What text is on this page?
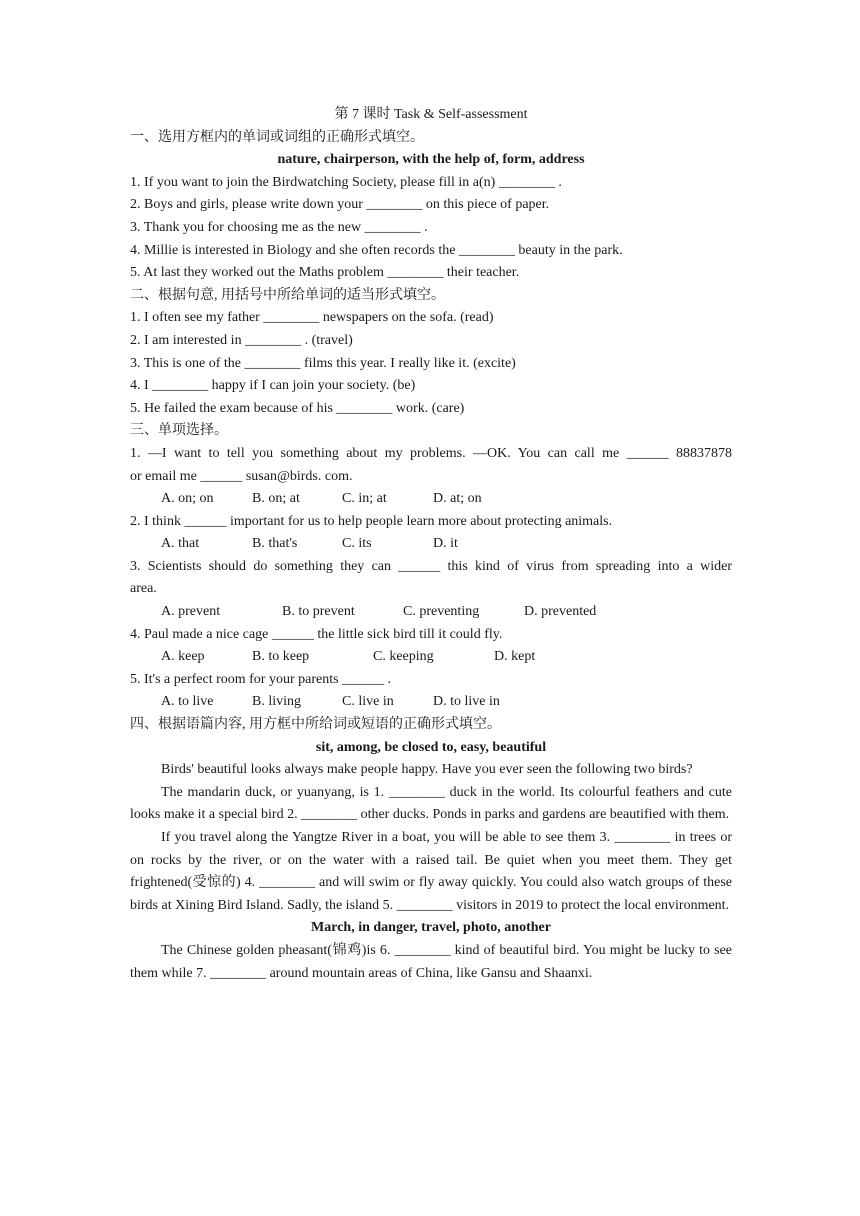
第 7 课时 Task & Self-assessment
一、选用方框内的单词或词组的正确形式填空。
nature, chairperson, with the help of, form, address
1. If you want to join the Birdwatching Society, please fill in a(n) ________ .
2. Boys and girls, please write down your ________ on this piece of paper.
3. Thank you for choosing me as the new ________ .
4. Millie is interested in Biology and she often records the ________ beauty in the park.
5. At last they worked out the Maths problem ________ their teacher.
二、根据句意, 用括号中所给单词的适当形式填空。
1. I often see my father ________ newspapers on the sofa. (read)
2. I am interested in ________ . (travel)
3. This is one of the ________ films this year. I really like it. (excite)
4. I ________ happy if I can join your society. (be)
5. He failed the exam because of his ________ work. (care)
三、单项选择。
1. —I want to tell you something about my problems. —OK. You can call me ______ 88837878
or email me ______ susan@birds. com.
A. on; on	B. on; at	C. in; at	D. at; on
2. I think ______ important for us to help people learn more about protecting animals.
A. that	B. that's	C. its	D. it
3. Scientists should do something they can ______ this kind of virus from spreading into a wider
area.
A. prevent	B. to prevent	C. preventing	D. prevented
4. Paul made a nice cage ______ the little sick bird till it could fly.
A. keep	B. to keep	C. keeping	D. kept
5. It's a perfect room for your parents ______ .
A. to live	B. living	C. live in	D. to live in
四、根据语篇内容, 用方框中所给词或短语的正确形式填空。
sit, among, be closed to, easy, beautiful
Birds' beautiful looks always make people happy. Have you ever seen the following two birds?
The mandarin duck, or yuanyang, is 1. ________ duck in the world. Its colourful feathers and cute looks make it a special bird 2. ________ other ducks. Ponds in parks and gardens are beautified with them.
If you travel along the Yangtze River in a boat, you will be able to see them 3. ________ in trees or on rocks by the river, or on the water with a raised tail. Be quiet when you meet them. They get frightened(受惊的) 4. ________ and will swim or fly away quickly. You could also watch groups of these birds at Xining Bird Island. Sadly, the island 5. ________ visitors in 2019 to protect the local environment.
March, in danger, travel, photo, another
The Chinese golden pheasant(锦鸡)is 6. ________ kind of beautiful bird. You might be lucky to see them while 7. ________ around mountain areas of China, like Gansu and Shaanxi.
